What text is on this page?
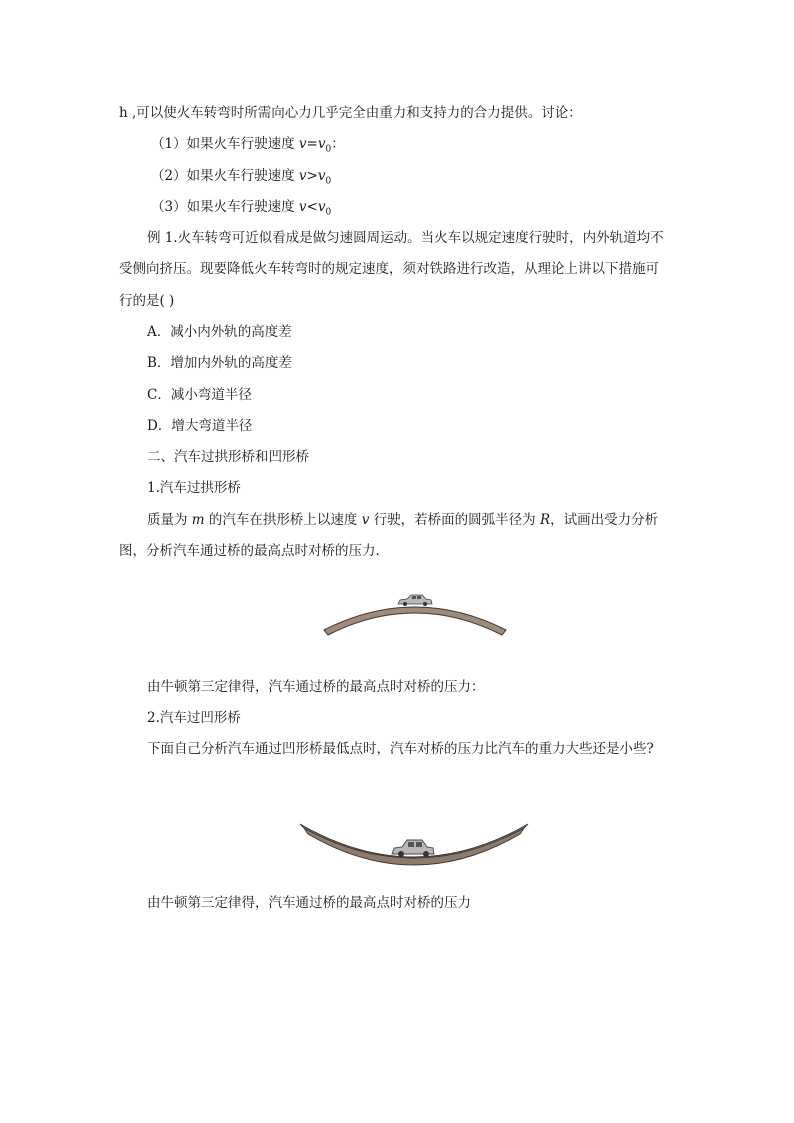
h ,可以使火车转弯时所需向心力几乎完全由重力和支持力的合力提供。讨论：
（1）如果火车行驶速度 $v=v_0$：
（2）如果火车行驶速度 $v>v_0$
（3）如果火车行驶速度 $v<v_0$
例 1.火车转弯可近似看成是做匀速圆周运动。当火车以规定速度行驶时，内外轨道均不
受侧向挤压。现要降低火车转弯时的规定速度，须对铁路进行改造，从理论上讲以下措施可
行的是( )
A．减小内外轨的高度差
B．增加内外轨的高度差
C．减小弯道半径
D．增大弯道半径
二、汽车过拱形桥和凹形桥
1.汽车过拱形桥
质量为 m 的汽车在拱形桥上以速度 v 行驶，若桥面的圆弧半径为 R，试画出受力分析
图，分析汽车通过桥的最高点时对桥的压力．
由牛顿第三定律得，汽车通过桥的最高点时对桥的压力：
2.汽车过凹形桥
下面自己分析汽车通过凹形桥最低点时，汽车对桥的压力比汽车的重力大些还是小些?
由牛顿第三定律得，汽车通过桥的最高点时对桥的压力
